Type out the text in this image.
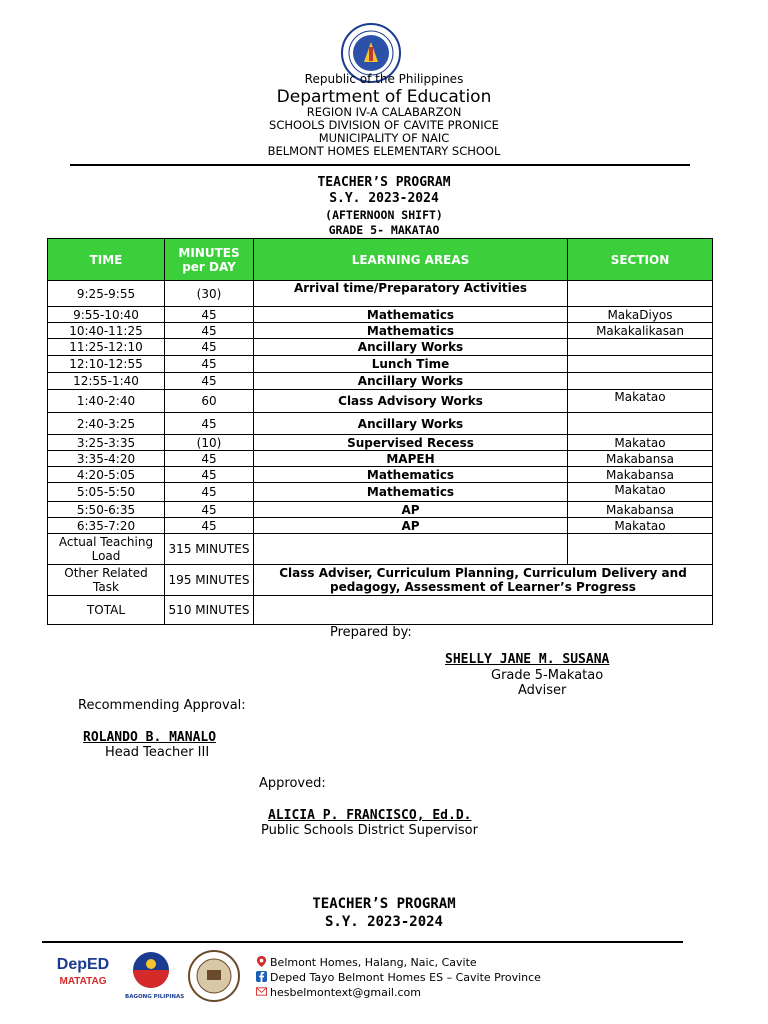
Republic of the Philippines
Department of Education
REGION IV-A CALABARZON
SCHOOLS DIVISION OF CAVITE PRONICE
MUNICIPALITY OF NAIC
BELMONT HOMES ELEMENTARY SCHOOL
TEACHER’S PROGRAM
S.Y. 2023-2024
(AFTERNOON SHIFT)
GRADE 5- MAKATAO
TIME	MINUTES per DAY	LEARNING AREAS	SECTION
9:25-9:55	(30)	Arrival time/Preparatory Activities	
9:55-10:40	45	Mathematics	MakaDiyos
10:40-11:25	45	Mathematics	Makakalikasan
11:25-12:10	45	Ancillary Works	
12:10-12:55	45	Lunch Time	
12:55-1:40	45	Ancillary Works	
1:40-2:40	60	Class Advisory Works	Makatao
2:40-3:25	45	Ancillary Works	
3:25-3:35	(10)	Supervised Recess	Makatao
3:35-4:20	45	MAPEH	Makabansa
4:20-5:05	45	Mathematics	Makabansa
5:05-5:50	45	Mathematics	Makatao
5:50-6:35	45	AP	Makabansa
6:35-7:20	45	AP	Makatao
Actual Teaching Load	315 MINUTES		
Other Related Task	195 MINUTES	Class Adviser, Curriculum Planning, Curriculum Delivery and pedagogy, Assessment of Learner’s Progress	
TOTAL	510 MINUTES		
Prepared by:
SHELLY JANE M. SUSANA
Grade 5-Makatao
Adviser
Recommending Approval:
ROLANDO B. MANALO
Head Teacher III
Approved:
ALICIA P. FRANCISCO, Ed.D.
Public Schools District Supervisor
TEACHER’S PROGRAM
S.Y. 2023-2024
DepED
MATATAG
BAGONG PILIPINAS
Belmont Homes, Halang, Naic, Cavite
Deped Tayo Belmont Homes ES – Cavite Province
hesbelmontext@gmail.com
